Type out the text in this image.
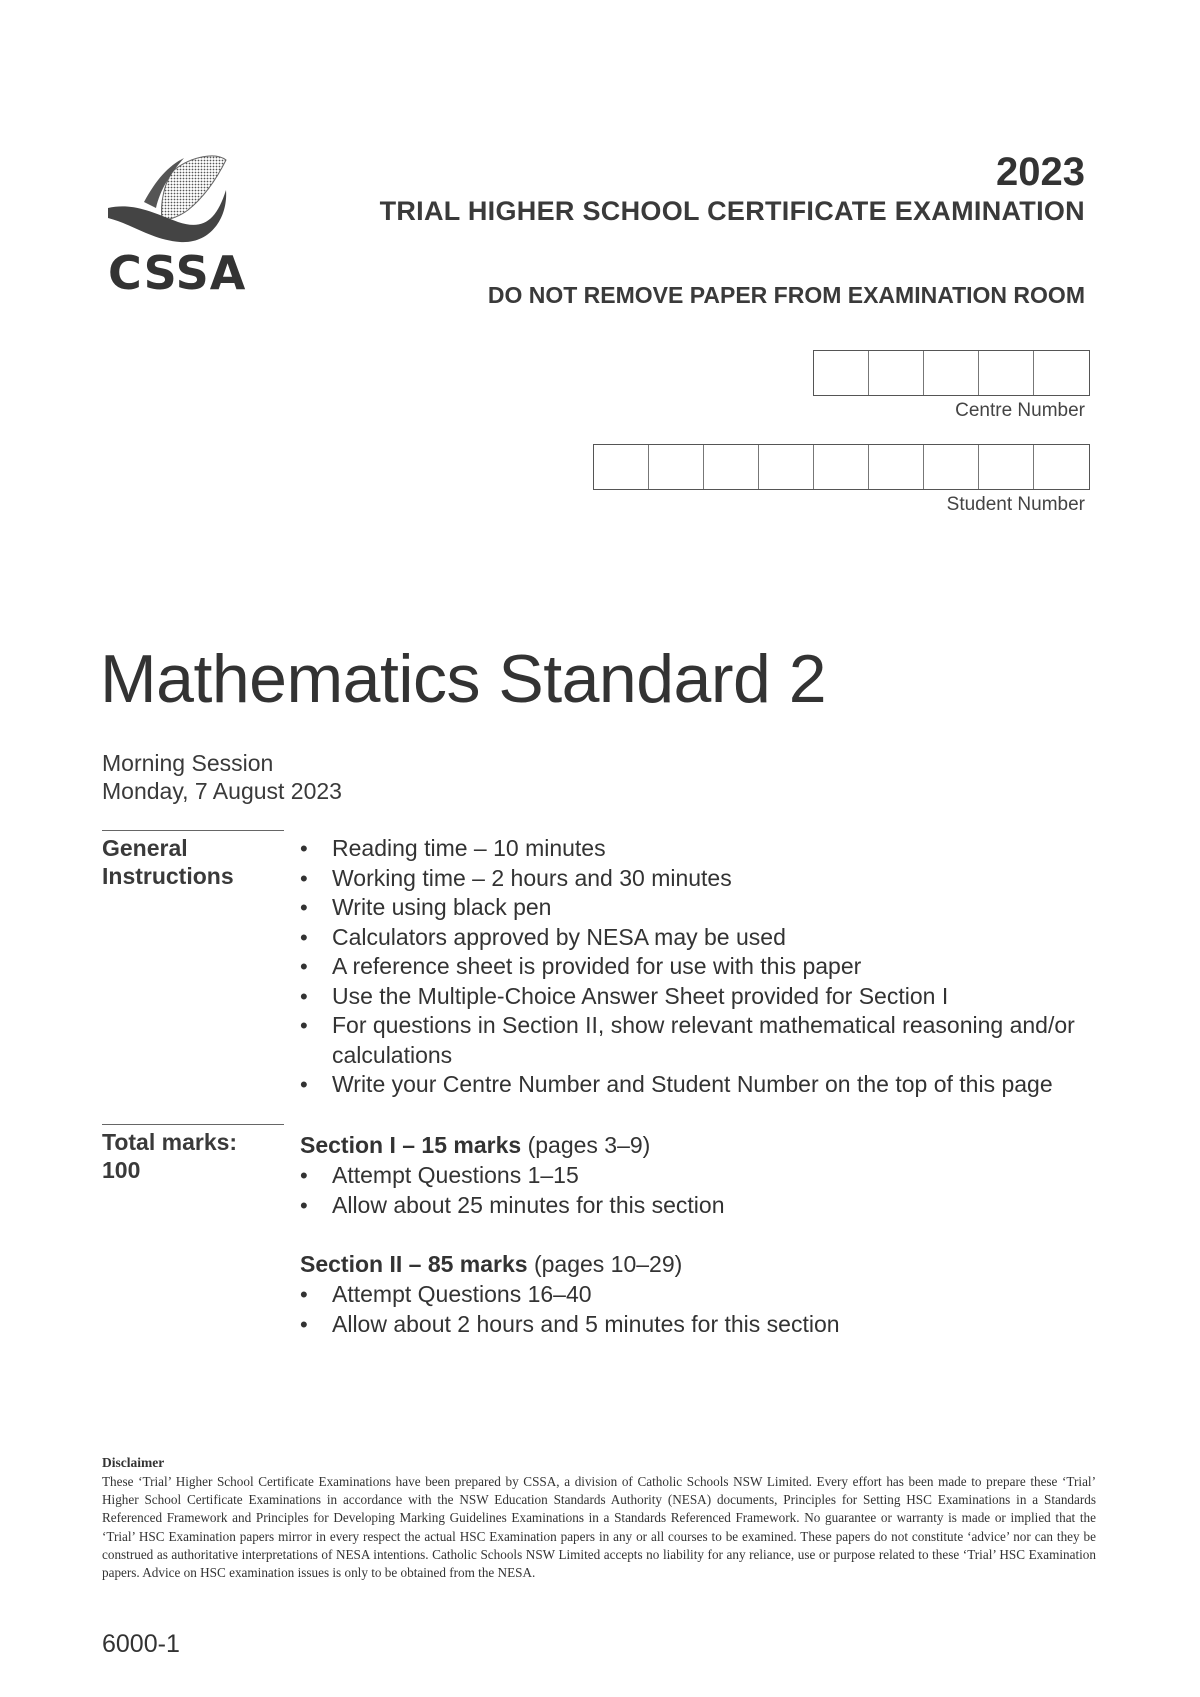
CSSA
2023
TRIAL HIGHER SCHOOL CERTIFICATE EXAMINATION
DO NOT REMOVE PAPER FROM EXAMINATION ROOM
Centre Number
Student Number
Mathematics Standard 2
Morning Session
Monday, 7 August 2023
General
Instructions
• Reading time – 10 minutes
• Working time – 2 hours and 30 minutes
• Write using black pen
• Calculators approved by NESA may be used
• A reference sheet is provided for use with this paper
• Use the Multiple-Choice Answer Sheet provided for Section I
• For questions in Section II, show relevant mathematical reasoning and/or calculations
• Write your Centre Number and Student Number on the top of this page
Total marks:
100
Section I – 15 marks (pages 3–9)
• Attempt Questions 1–15
• Allow about 25 minutes for this section
Section II – 85 marks (pages 10–29)
• Attempt Questions 16–40
• Allow about 2 hours and 5 minutes for this section
Disclaimer

These ‘Trial’ Higher School Certificate Examinations have been prepared by CSSA, a division of Catholic Schools NSW Limited. Every effort has been made to prepare these ‘Trial’ Higher School Certificate Examinations in accordance with the NSW Education Standards Authority (NESA) documents, Principles for Setting HSC Examinations in a Standards Referenced Framework and Principles for Developing Marking Guidelines Examinations in a Standards Referenced Framework. No guarantee or warranty is made or implied that the ‘Trial’ HSC Examination papers mirror in every respect the actual HSC Examination papers in any or all courses to be examined. These papers do not constitute ‘advice’ nor can they be construed as authoritative interpretations of NESA intentions. Catholic Schools NSW Limited accepts no liability for any reliance, use or purpose related to these ‘Trial’ HSC Examination papers. Advice on HSC examination issues is only to be obtained from the NESA.

6000-1
